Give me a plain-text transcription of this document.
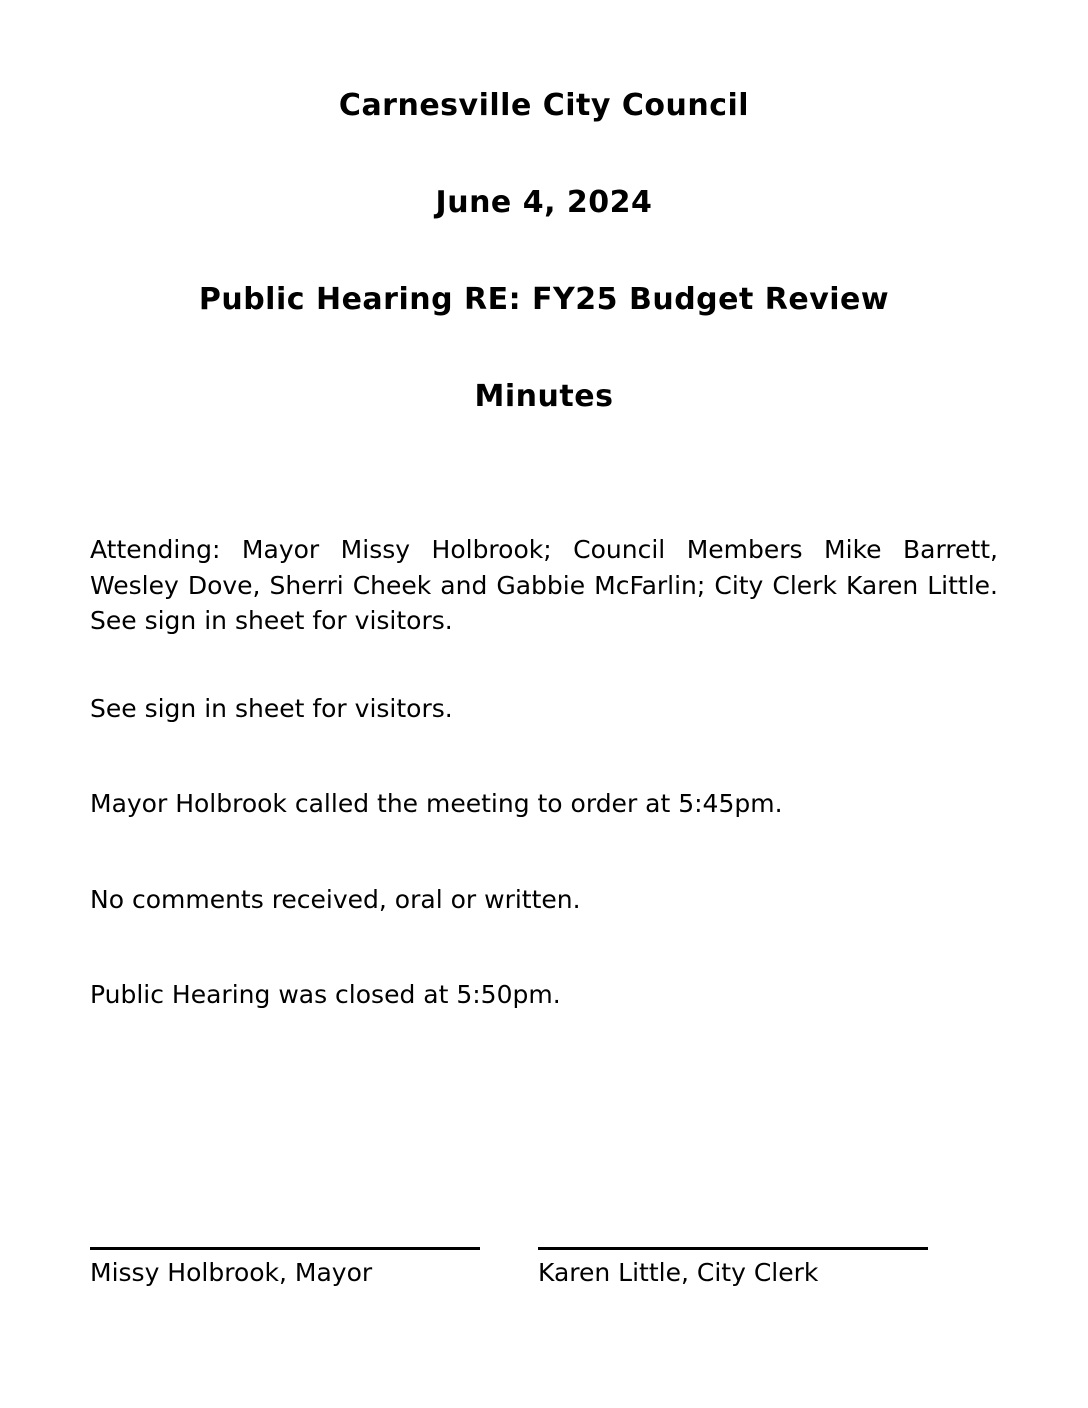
Carnesville City Council
June 4, 2024
Public Hearing RE: FY25 Budget Review
Minutes

Attending: Mayor Missy Holbrook; Council Members Mike Barrett, Wesley Dove, Sherri Cheek and Gabbie McFarlin; City Clerk Karen Little. See sign in sheet for visitors.

See sign in sheet for visitors.

Mayor Holbrook called the meeting to order at 5:45pm.

No comments received, oral or written.

Public Hearing was closed at 5:50pm.

Missy Holbrook, Mayor	Karen Little, City Clerk
